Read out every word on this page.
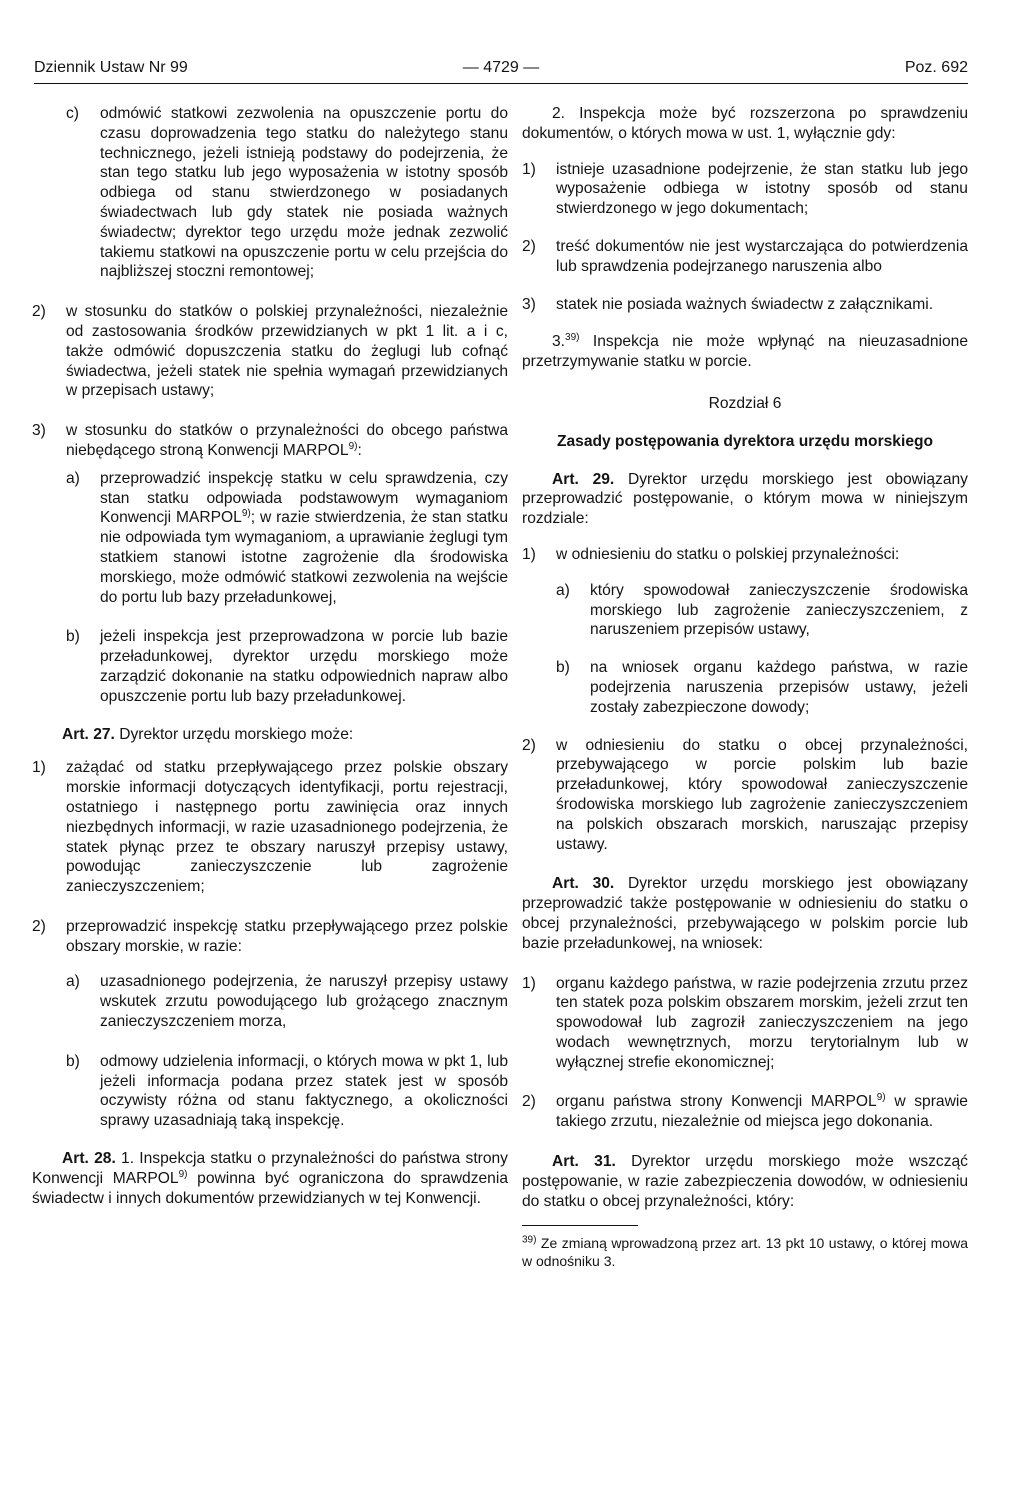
Dziennik Ustaw Nr 99	— 4729 —	Poz. 692
c) odmówić statkowi zezwolenia na opuszczenie portu do czasu doprowadzenia tego statku do należytego stanu technicznego, jeżeli istnieją podstawy do podejrzenia, że stan tego statku lub jego wyposażenia w istotny sposób odbiega od stanu stwierdzonego w posiadanych świadectwach lub gdy statek nie posiada ważnych świadectw; dyrektor tego urzędu może jednak zezwolić takiemu statkowi na opuszczenie portu w celu przejścia do najbliższej stoczni remontowej;

2) w stosunku do statków o polskiej przynależności, niezależnie od zastosowania środków przewidzianych w pkt 1 lit. a i c, także odmówić dopuszczenia statku do żeglugi lub cofnąć świadectwa, jeżeli statek nie spełnia wymagań przewidzianych w przepisach ustawy;

3) w stosunku do statków o przynależności do obcego państwa niebędącego stroną Konwencji MARPOL$^{9)}$:

a) przeprowadzić inspekcję statku w celu sprawdzenia, czy stan statku odpowiada podstawowym wymaganiom Konwencji MARPOL$^{9)}$; w razie stwierdzenia, że stan statku nie odpowiada tym wymaganiom, a uprawianie żeglugi tym statkiem stanowi istotne zagrożenie dla środowiska morskiego, może odmówić statkowi zezwolenia na wejście do portu lub bazy przeładunkowej,

b) jeżeli inspekcja jest przeprowadzona w porcie lub bazie przeładunkowej, dyrektor urzędu morskiego może zarządzić dokonanie na statku odpowiednich napraw albo opuszczenie portu lub bazy przeładunkowej.

Art. 27. Dyrektor urzędu morskiego może:

1) zażądać od statku przepływającego przez polskie obszary morskie informacji dotyczących identyfikacji, portu rejestracji, ostatniego i następnego portu zawinięcia oraz innych niezbędnych informacji, w razie uzasadnionego podejrzenia, że statek płynąc przez te obszary naruszył przepisy ustawy, powodując zanieczyszczenie lub zagrożenie zanieczyszczeniem;

2) przeprowadzić inspekcję statku przepływającego przez polskie obszary morskie, w razie:

a) uzasadnionego podejrzenia, że naruszył przepisy ustawy wskutek zrzutu powodującego lub grożącego znacznym zanieczyszczeniem morza,

b) odmowy udzielenia informacji, o których mowa w pkt 1, lub jeżeli informacja podana przez statek jest w sposób oczywisty różna od stanu faktycznego, a okoliczności sprawy uzasadniają taką inspekcję.

Art. 28. 1. Inspekcja statku o przynależności do państwa strony Konwencji MARPOL$^{9)}$ powinna być ograniczona do sprawdzenia świadectw i innych dokumentów przewidzianych w tej Konwencji.

2. Inspekcja może być rozszerzona po sprawdzeniu dokumentów, o których mowa w ust. 1, wyłącznie gdy:

1) istnieje uzasadnione podejrzenie, że stan statku lub jego wyposażenie odbiega w istotny sposób od stanu stwierdzonego w jego dokumentach;

2) treść dokumentów nie jest wystarczająca do potwierdzenia lub sprawdzenia podejrzanego naruszenia albo

3) statek nie posiada ważnych świadectw z załącznikami.

3.$^{39)}$ Inspekcja nie może wpłynąć na nieuzasadnione przetrzymywanie statku w porcie.

Rozdział 6

Zasady postępowania dyrektora urzędu morskiego

Art. 29. Dyrektor urzędu morskiego jest obowiązany przeprowadzić postępowanie, o którym mowa w niniejszym rozdziale:

1) w odniesieniu do statku o polskiej przynależności:

a) który spowodował zanieczyszczenie środowiska morskiego lub zagrożenie zanieczyszczeniem, z naruszeniem przepisów ustawy,

b) na wniosek organu każdego państwa, w razie podejrzenia naruszenia przepisów ustawy, jeżeli zostały zabezpieczone dowody;

2) w odniesieniu do statku o obcej przynależności, przebywającego w porcie polskim lub bazie przeładunkowej, który spowodował zanieczyszczenie środowiska morskiego lub zagrożenie zanieczyszczeniem na polskich obszarach morskich, naruszając przepisy ustawy.

Art. 30. Dyrektor urzędu morskiego jest obowiązany przeprowadzić także postępowanie w odniesieniu do statku o obcej przynależności, przebywającego w polskim porcie lub bazie przeładunkowej, na wniosek:

1) organu każdego państwa, w razie podejrzenia zrzutu przez ten statek poza polskim obszarem morskim, jeżeli zrzut ten spowodował lub zagroził zanieczyszczeniem na jego wodach wewnętrznych, morzu terytorialnym lub w wyłącznej strefie ekonomicznej;

2) organu państwa strony Konwencji MARPOL$^{9)}$ w sprawie takiego zrzutu, niezależnie od miejsca jego dokonania.

Art. 31. Dyrektor urzędu morskiego może wszcząć postępowanie, w razie zabezpieczenia dowodów, w odniesieniu do statku o obcej przynależności, który:

$^{39)}$ Ze zmianą wprowadzoną przez art. 13 pkt 10 ustawy, o której mowa w odnośniku 3.
